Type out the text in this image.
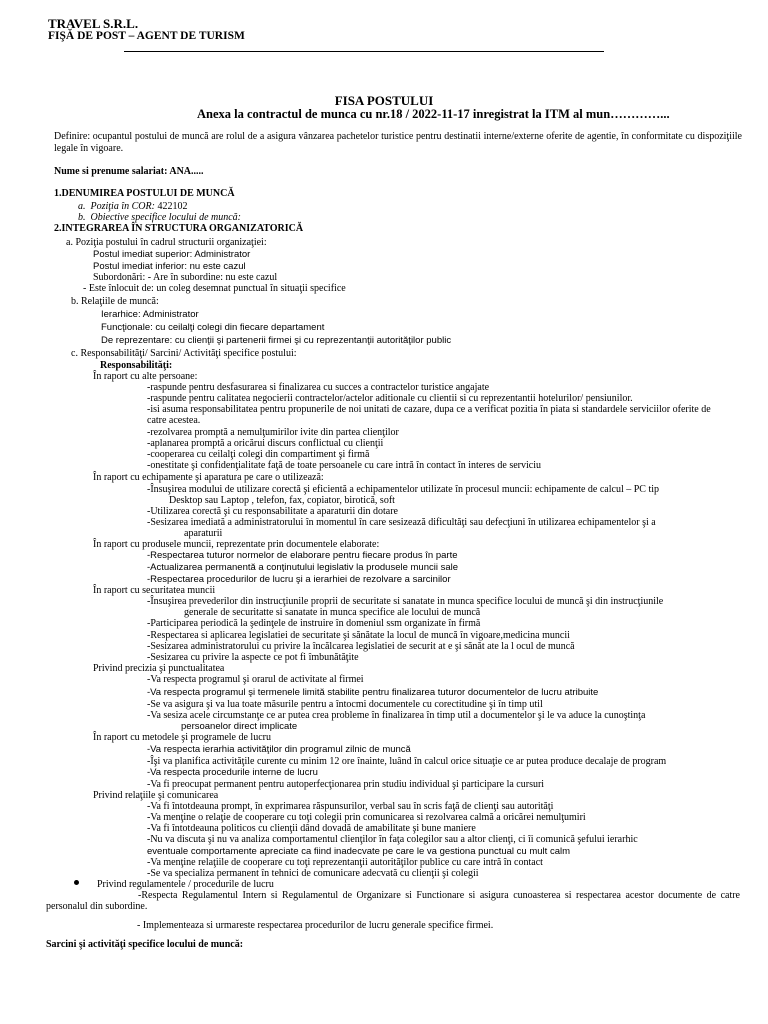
TRAVEL S.R.L.
FIŞĂ DE POST – AGENT DE TURISM
FISA POSTULUI
Anexa la contractul de munca cu nr.18 / 2022-11-17 inregistrat la ITM al mun…………...
Definire: ocupantul postului de muncă are rolul de a asigura vânzarea pachetelor turistice pentru destinatii interne/externe oferite de agentie, în conformitate cu dispoziţiile legale în vigoare.
Nume si prenume salariat: ANA.....
1.DENUMIREA POSTULUI DE MUNCĂ
a. Poziţia în COR: 422102
b. Obiective specifice locului de muncă:
2.INTEGRAREA ÎN STRUCTURA ORGANIZATORICĂ
a. Poziţia postului în cadrul structurii organizaţiei:
Postul imediat superior: Administrator
Postul imediat inferior: nu este cazul
Subordonări: - Are în subordine: nu este cazul
- Este înlocuit de: un coleg desemnat punctual în situaţii specifice
b. Relaţiile de muncă:
Ierarhice: Administrator
Funcţionale: cu ceilalţi colegi din fiecare departament
De reprezentare: cu clienţii şi partenerii firmei şi cu reprezentanţii autorităţilor public
c. Responsabilităţi/ Sarcini/ Activităţi specifice postului:
Responsabilităţi:
În raport cu alte persoane:
-raspunde pentru desfasurarea si finalizarea cu succes a contractelor turistice angajate
-raspunde pentru calitatea negocierii contractelor/actelor aditionale cu clientii si cu reprezentantii hotelurilor/ pensiunilor.
-isi asuma responsabilitatea pentru propunerile de noi unitati de cazare, dupa ce a verificat pozitia în piata si standardele serviciilor oferite de
catre acestea.
-rezolvarea promptă a nemulţumirilor ivite din partea clienţilor
-aplanarea promptă a oricărui discurs conflictual cu clienţii
-cooperarea cu ceilalţi colegi din compartiment şi firmă
-onestitate şi confidenţialitate faţă de toate persoanele cu care intră în contact în interes de serviciu
În raport cu echipamente şi aparatura pe care o utilizează:
-Însuşirea modului de utilizare corectă şi eficientă a echipamentelor utilizate în procesul muncii: echipamente de calcul – PC tip
Desktop sau Laptop , telefon, fax, copiator, birotică, soft
-Utilizarea corectă şi cu responsabilitate a aparaturii din dotare
-Sesizarea imediată a administratorului în momentul în care sesizează dificultăţi sau defecţiuni în utilizarea echipamentelor şi a
aparaturii
În raport cu produsele muncii, reprezentate prin documentele elaborate:
-Respectarea tuturor normelor de elaborare pentru fiecare produs în parte
-Actualizarea permanentă a conţinutului legislativ la produsele muncii sale
-Respectarea procedurilor de lucru şi a ierarhiei de rezolvare a sarcinilor
În raport cu securitatea muncii
-Însuşirea prevederilor din instrucţiunile proprii de securitate si sanatate in munca specifice locului de muncă şi din instrucţiunile
generale de securitatte si sanatate in munca specifice ale locului de muncă
-Participarea periodică la şedinţele de instruire în domeniul ssm organizate în firmă
-Respectarea si aplicarea legislatiei de securitate şi sănătate la locul de muncă în vigoare,medicina muncii
-Sesizarea administratorului cu privire la încălcarea legislatiei de securit at e şi sănăt ate la l ocul de muncă
-Sesizarea cu privire la aspecte ce pot fi îmbunătăţite
Privind precizia şi punctualitatea
-Va respecta programul şi orarul de activitate al firmei
-Va respecta programul şi termenele limită stabilite pentru finalizarea tuturor documentelor de lucru atribuite
-Se va asigura şi va lua toate măsurile pentru a întocmi documentele cu corectitudine şi în timp util
-Va sesiza acele circumstanţe ce ar putea crea probleme în finalizarea în timp util a documentelor şi le va aduce la cunoştinţa
persoanelor direct implicate
În raport cu metodele şi programele de lucru
-Va respecta ierarhia activităţilor din programul zilnic de muncă
-Îşi va planifica activităţile curente cu minim 12 ore înainte, luând în calcul orice situaţie ce ar putea produce decalaje de program
-Va respecta procedurile interne de lucru
-Va fi preocupat permanent pentru autoperfecţionarea prin studiu individual şi participare la cursuri
Privind relaţiile şi comunicarea
-Va fi întotdeauna prompt, în exprimarea răspunsurilor, verbal sau în scris faţă de clienţi sau autorităţi
-Va menţine o relaţie de cooperare cu toţi colegii prin comunicarea si rezolvarea calmă a oricărei nemulţumiri
-Va fi întotdeauna politicos cu clienţii dând dovadă de amabilitate şi bune maniere
-Nu va discuta şi nu va analiza comportamentul clienţilor în faţa colegilor sau a altor clienţi, ci îi comunică şefului ierarhic
eventuale comportamente apreciate ca fiind inadecvate pe care le va gestiona punctual cu mult calm
-Va menţine relaţiile de cooperare cu toţi reprezentanţii autorităţilor publice cu care intră în contact
-Se va specializa permanent în tehnici de comunicare adecvată cu clienţii şi colegii
Privind regulamentele / procedurile de lucru
-Respecta Regulamentul Intern si Regulamentul de Organizare si Functionare si asigura cunoasterea si respectarea acestor documente de catre personalul din subordine.
- Implementeaza si urmareste respectarea procedurilor de lucru generale specifice firmei.
Sarcini şi activităţi specifice locului de muncă:
